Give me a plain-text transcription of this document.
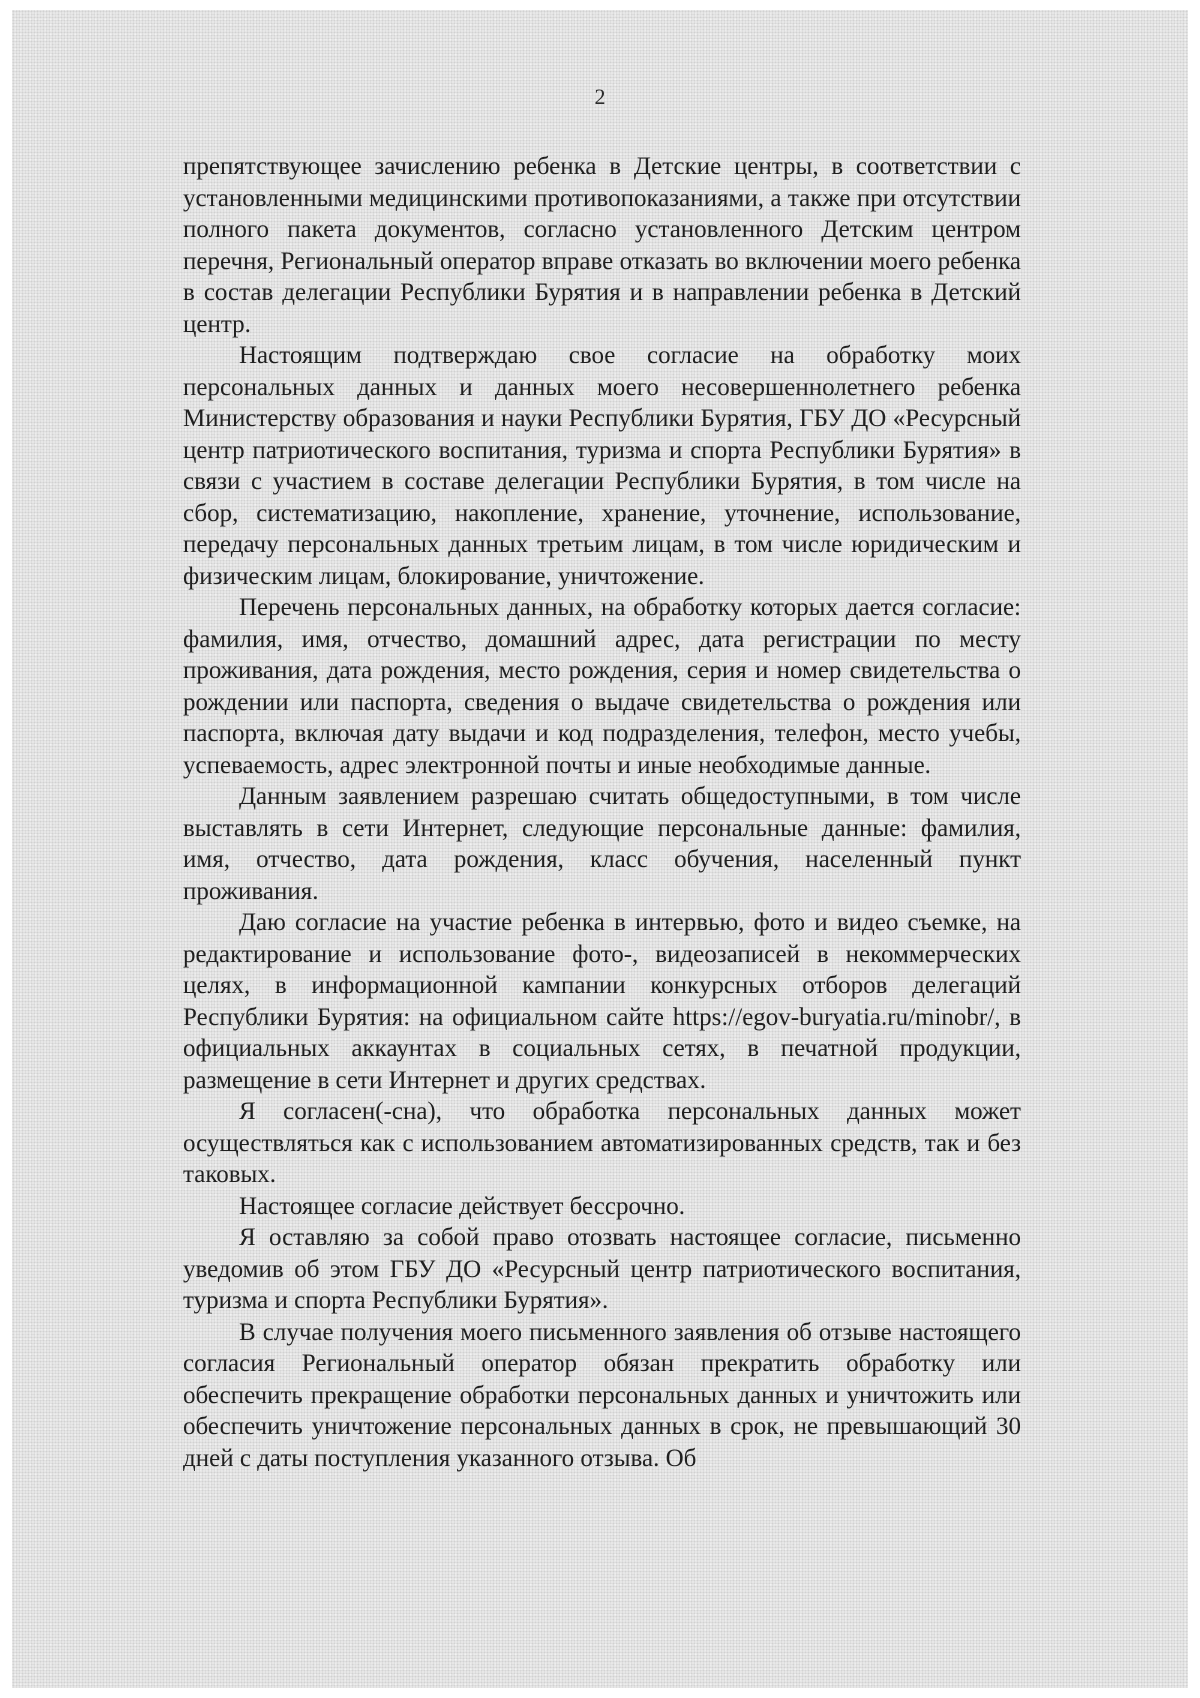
2

препятствующее зачислению ребенка в Детские центры, в соответствии с установленными медицинскими противопоказаниями, а также при отсутствии полного пакета документов, согласно установленного Детским центром перечня, Региональный оператор вправе отказать во включении моего ребенка в состав делегации Республики Бурятия и в направлении ребенка в Детский центр.

Настоящим подтверждаю свое согласие на обработку моих персональных данных и данных моего несовершеннолетнего ребенка Министерству образования и науки Республики Бурятия, ГБУ ДО «Ресурсный центр патриотического воспитания, туризма и спорта Республики Бурятия» в связи с участием в составе делегации Республики Бурятия, в том числе на сбор, систематизацию, накопление, хранение, уточнение, использование, передачу персональных данных третьим лицам, в том числе юридическим и физическим лицам, блокирование, уничтожение.

Перечень персональных данных, на обработку которых дается согласие: фамилия, имя, отчество, домашний адрес, дата регистрации по месту проживания, дата рождения, место рождения, серия и номер свидетельства о рождении или паспорта, сведения о выдаче свидетельства о рождения или паспорта, включая дату выдачи и код подразделения, телефон, место учебы, успеваемость, адрес электронной почты и иные необходимые данные.

Данным заявлением разрешаю считать общедоступными, в том числе выставлять в сети Интернет, следующие персональные данные: фамилия, имя, отчество, дата рождения, класс обучения, населенный пункт проживания.

Даю согласие на участие ребенка в интервью, фото и видео съемке, на редактирование и использование фото-, видеозаписей в некоммерческих целях, в информационной кампании конкурсных отборов делегаций Республики Бурятия: на официальном сайте https://egov-buryatia.ru/minobr/, в официальных аккаунтах в социальных сетях, в печатной продукции, размещение в сети Интернет и других средствах.

Я согласен(-сна), что обработка персональных данных может осуществляться как с использованием автоматизированных средств, так и без таковых.

Настоящее согласие действует бессрочно.

Я оставляю за собой право отозвать настоящее согласие, письменно уведомив об этом ГБУ ДО «Ресурсный центр патриотического воспитания, туризма и спорта Республики Бурятия».

В случае получения моего письменного заявления об отзыве настоящего согласия Региональный оператор обязан прекратить обработку или обеспечить прекращение обработки персональных данных и уничтожить или обеспечить уничтожение персональных данных в срок, не превышающий 30 дней с даты поступления указанного отзыва. Об
